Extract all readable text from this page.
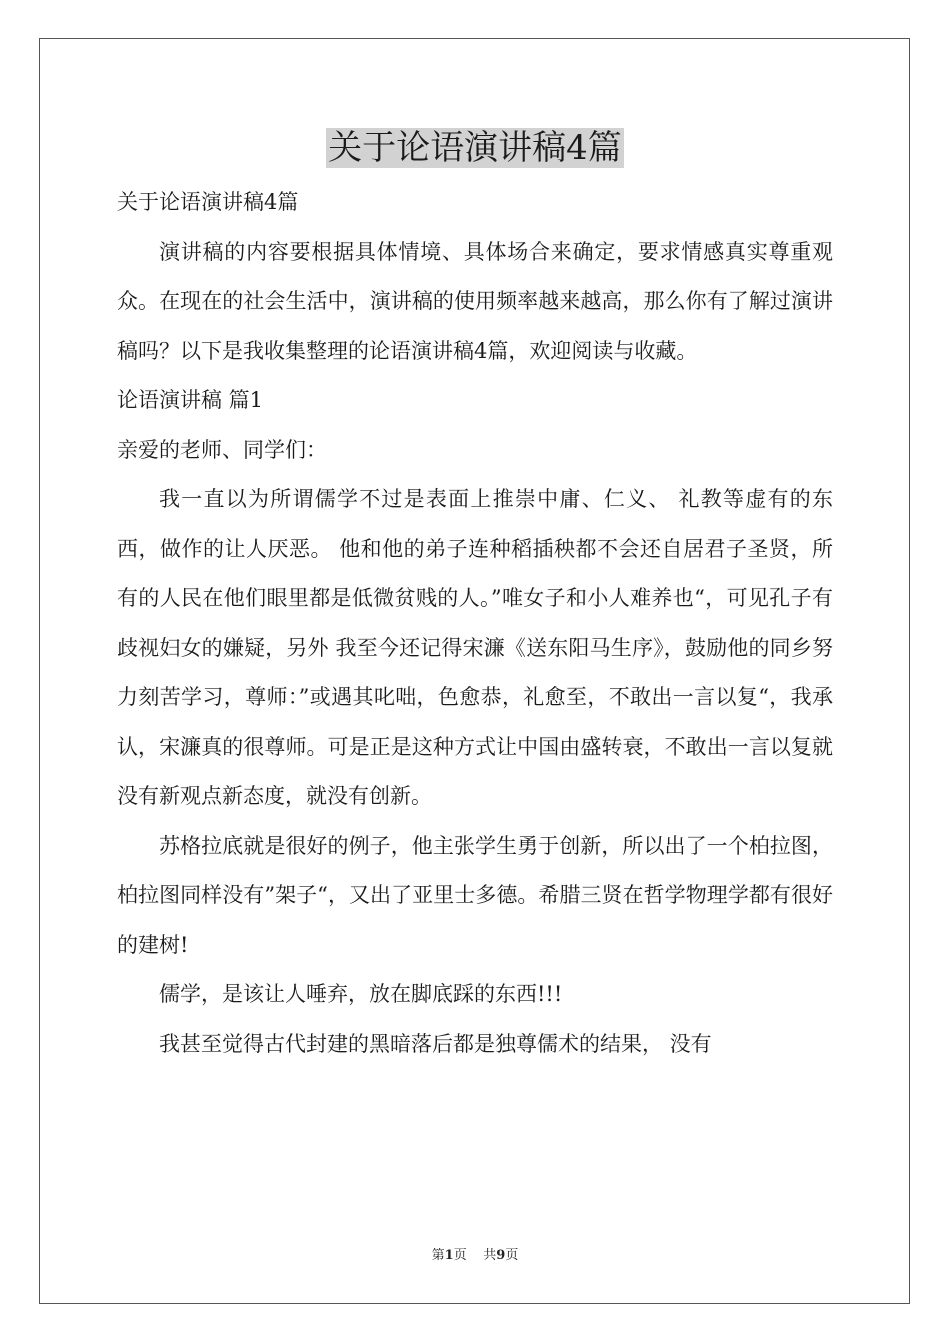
关于论语演讲稿4篇

关于论语演讲稿4篇

演讲稿的内容要根据具体情境、具体场合来确定，要求情感真实尊重观众。在现在的社会生活中，演讲稿的使用频率越来越高，那么你有了解过演讲稿吗？以下是我收集整理的论语演讲稿4篇，欢迎阅读与收藏。

论语演讲稿 篇1

亲爱的老师、同学们：

我一直以为所谓儒学不过是表面上推崇中庸、仁义、 礼教等虚有的东西，做作的让人厌恶。 他和他的弟子连种稻插秧都不会还自居君子圣贤，所有的人民在他们眼里都是低微贫贱的人。”唯女子和小人难养也“，可见孔子有歧视妇女的嫌疑，另外 我至今还记得宋濂《送东阳马生序》，鼓励他的同乡努力刻苦学习，尊师：”或遇其叱咄，色愈恭，礼愈至，不敢出一言以复“，我承认，宋濂真的很尊师。可是正是这种方式让中国由盛转衰，不敢出一言以复就没有新观点新态度，就没有创新。

苏格拉底就是很好的例子，他主张学生勇于创新，所以出了一个柏拉图，柏拉图同样没有”架子“，又出了亚里士多德。希腊三贤在哲学物理学都有很好的建树!

儒学，是该让人唾弃，放在脚底踩的东西!!!

我甚至觉得古代封建的黑暗落后都是独尊儒术的结果， 没有

第1页 共9页
